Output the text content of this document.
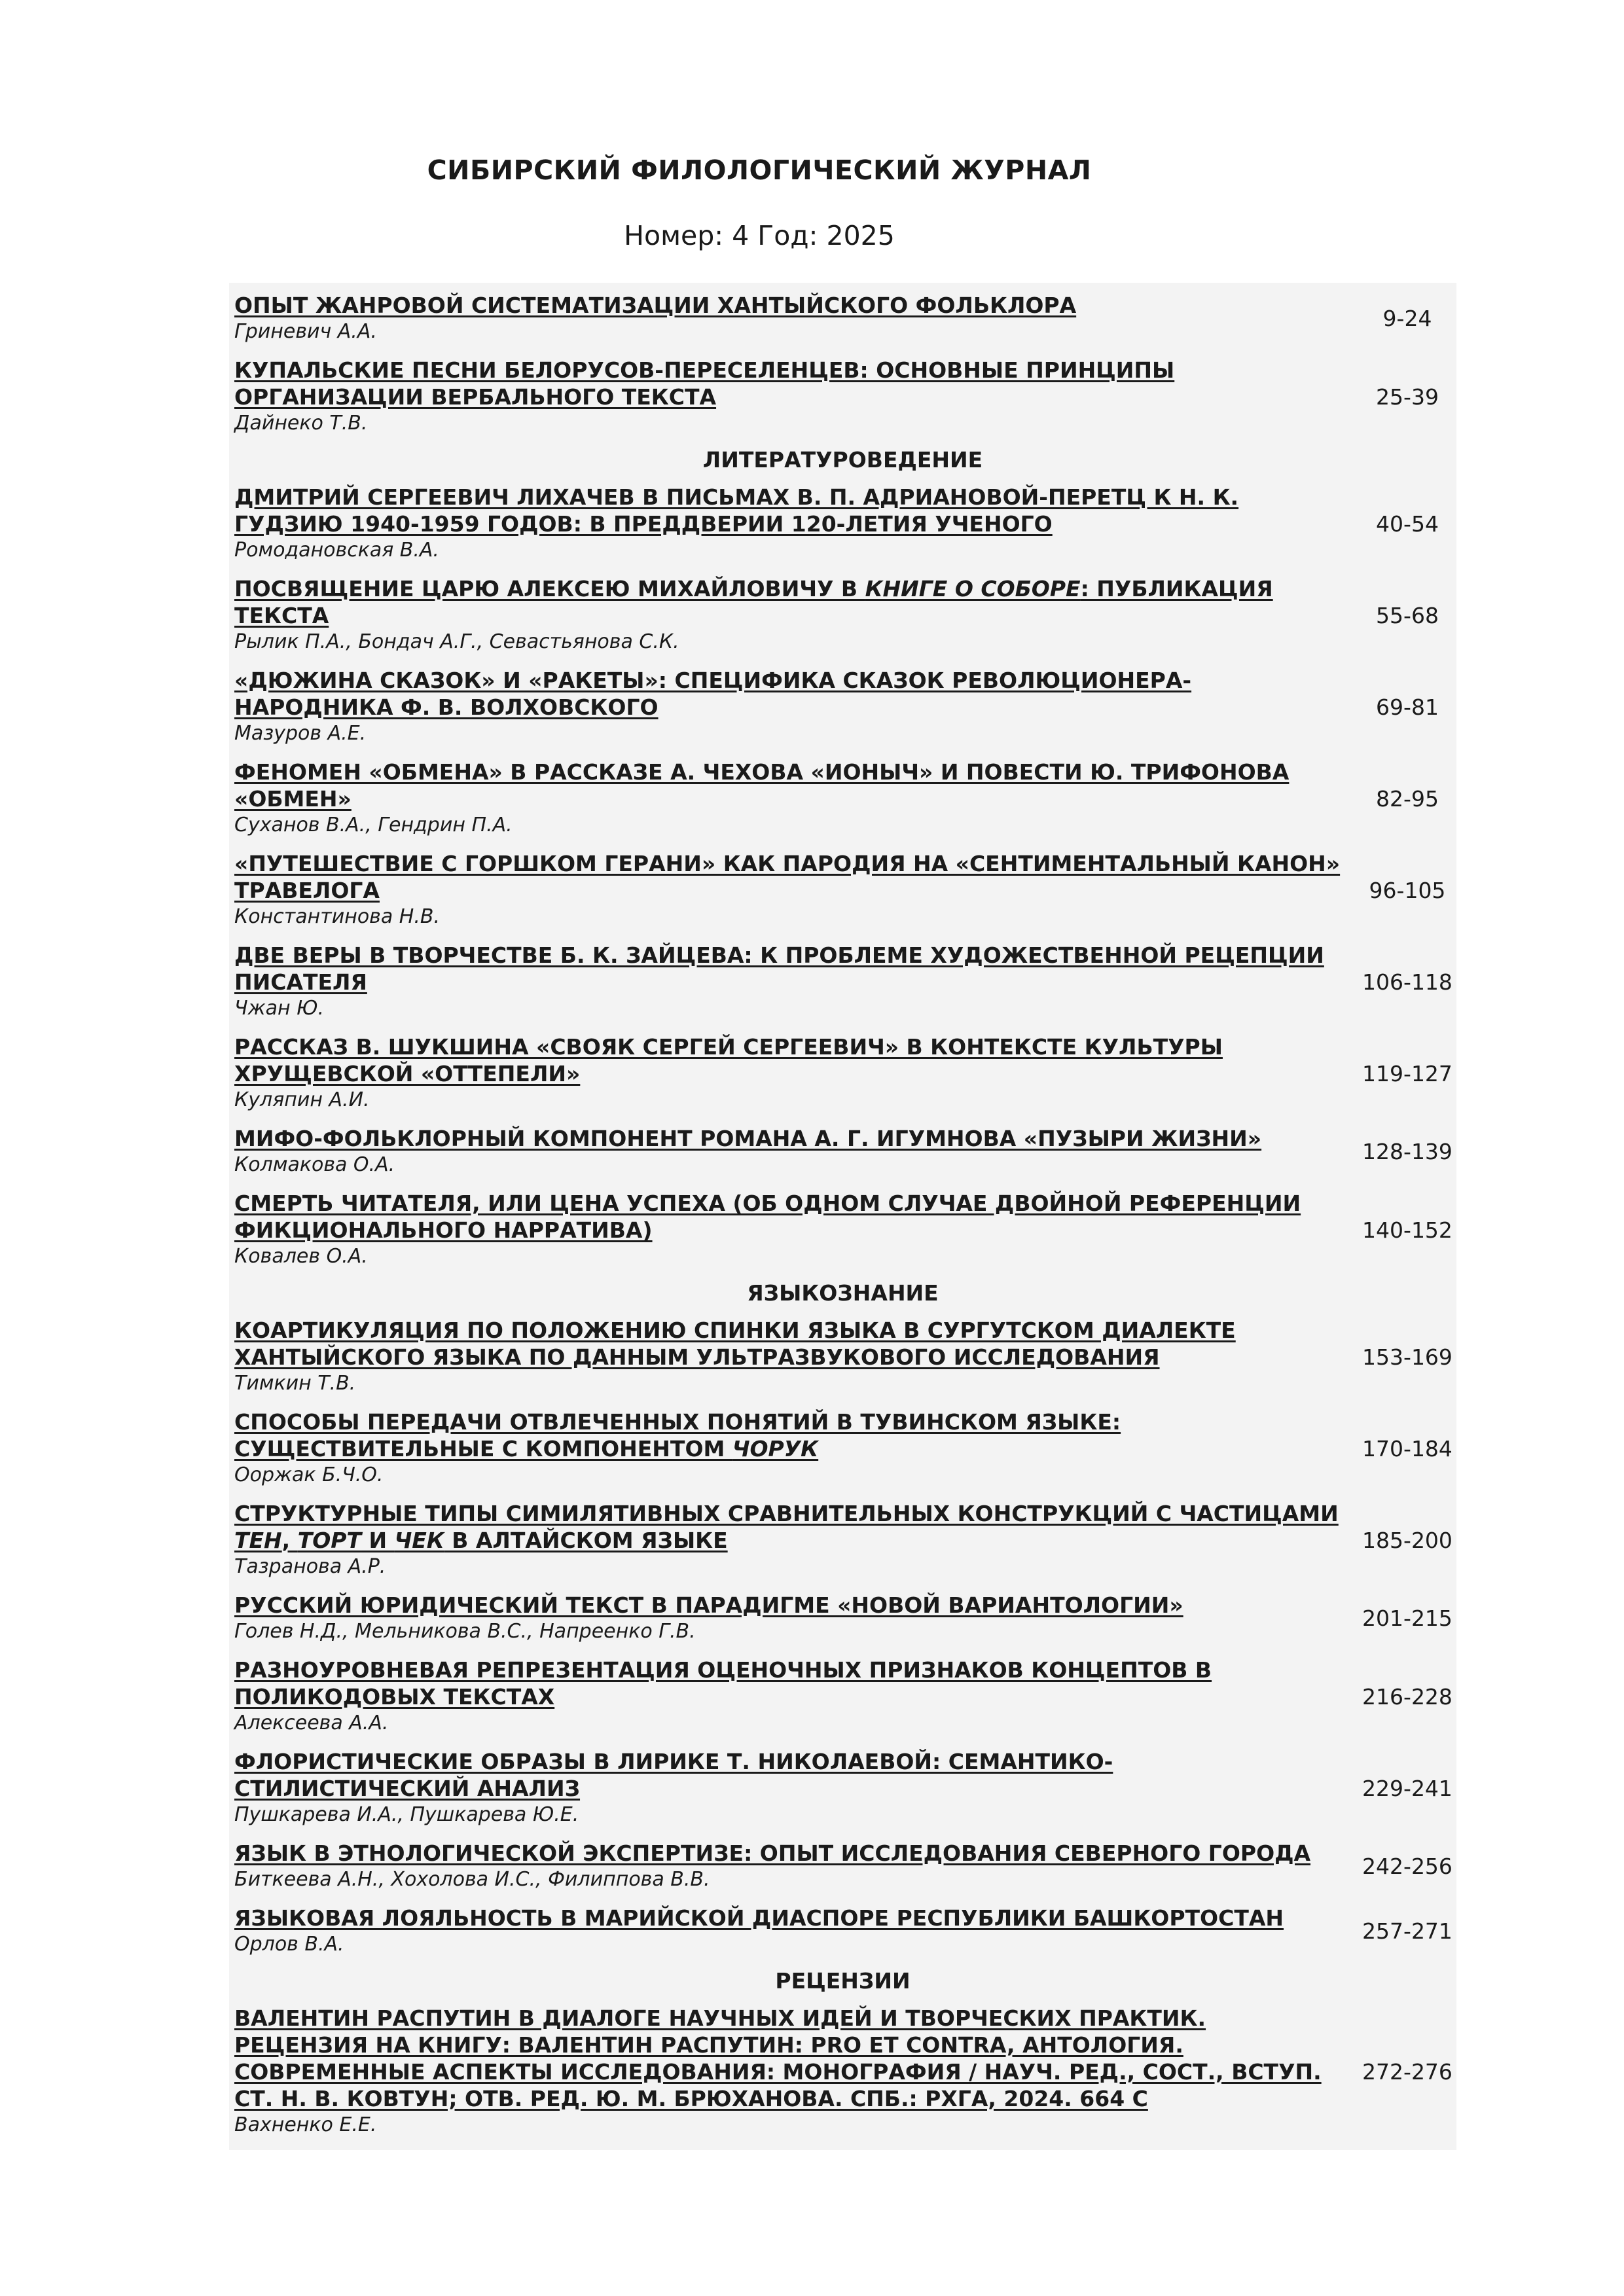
СИБИРСКИЙ ФИЛОЛОГИЧЕСКИЙ ЖУРНАЛ
Номер: 4 Год: 2025
ОПЫТ ЖАНРОВОЙ СИСТЕМАТИЗАЦИИ ХАНТЫЙСКОГО ФОЛЬКЛОРА
Гриневич А.А.
9-24
КУПАЛЬСКИЕ ПЕСНИ БЕЛОРУСОВ-ПЕРЕСЕЛЕНЦЕВ: ОСНОВНЫЕ ПРИНЦИПЫ ОРГАНИЗАЦИИ ВЕРБАЛЬНОГО ТЕКСТА
Дайнеко Т.В.
25-39
ЛИТЕРАТУРОВЕДЕНИЕ
ДМИТРИЙ СЕРГЕЕВИЧ ЛИХАЧЕВ В ПИСЬМАХ В. П. АДРИАНОВОЙ-ПЕРЕТЦ К Н. К. ГУДЗИЮ 1940-1959 ГОДОВ: В ПРЕДДВЕРИИ 120-ЛЕТИЯ УЧЕНОГО
Ромодановская В.А.
40-54
ПОСВЯЩЕНИЕ ЦАРЮ АЛЕКСЕЮ МИХАЙЛОВИЧУ В КНИГЕ О СОБОРЕ: ПУБЛИКАЦИЯ ТЕКСТА
Рылик П.А., Бондач А.Г., Севастьянова С.К.
55-68
«ДЮЖИНА СКАЗОК» И «РАКЕТЫ»: СПЕЦИФИКА СКАЗОК РЕВОЛЮЦИОНЕРА-НАРОДНИКА Ф. В. ВОЛХОВСКОГО
Мазуров А.Е.
69-81
ФЕНОМЕН «ОБМЕНА» В РАССКАЗЕ А. ЧЕХОВА «ИОНЫЧ» И ПОВЕСТИ Ю. ТРИФОНОВА «ОБМЕН»
Суханов В.А., Гендрин П.А.
82-95
«ПУТЕШЕСТВИЕ С ГОРШКОМ ГЕРАНИ» КАК ПАРОДИЯ НА «СЕНТИМЕНТАЛЬНЫЙ КАНОН» ТРАВЕЛОГА
Константинова Н.В.
96-105
ДВЕ ВЕРЫ В ТВОРЧЕСТВЕ Б. К. ЗАЙЦЕВА: К ПРОБЛЕМЕ ХУДОЖЕСТВЕННОЙ РЕЦЕПЦИИ ПИСАТЕЛЯ
Чжан Ю.
106-118
РАССКАЗ В. ШУКШИНА «СВОЯК СЕРГЕЙ СЕРГЕЕВИЧ» В КОНТЕКСТЕ КУЛЬТУРЫ ХРУЩЕВСКОЙ «ОТТЕПЕЛИ»
Куляпин А.И.
119-127
МИФО-ФОЛЬКЛОРНЫЙ КОМПОНЕНТ РОМАНА А. Г. ИГУМНОВА «ПУЗЫРИ ЖИЗНИ»
Колмакова О.А.
128-139
СМЕРТЬ ЧИТАТЕЛЯ, ИЛИ ЦЕНА УСПЕХА (ОБ ОДНОМ СЛУЧАЕ ДВОЙНОЙ РЕФЕРЕНЦИИ ФИКЦИОНАЛЬНОГО НАРРАТИВА)
Ковалев О.А.
140-152
ЯЗЫКОЗНАНИЕ
КОАРТИКУЛЯЦИЯ ПО ПОЛОЖЕНИЮ СПИНКИ ЯЗЫКА В СУРГУТСКОМ ДИАЛЕКТЕ ХАНТЫЙСКОГО ЯЗЫКА ПО ДАННЫМ УЛЬТРАЗВУКОВОГО ИССЛЕДОВАНИЯ
Тимкин Т.В.
153-169
СПОСОБЫ ПЕРЕДАЧИ ОТВЛЕЧЕННЫХ ПОНЯТИЙ В ТУВИНСКОМ ЯЗЫКЕ: СУЩЕСТВИТЕЛЬНЫЕ С КОМПОНЕНТОМ ЧОРУК
Ооржак Б.Ч.О.
170-184
СТРУКТУРНЫЕ ТИПЫ СИМИЛЯТИВНЫХ СРАВНИТЕЛЬНЫХ КОНСТРУКЦИЙ С ЧАСТИЦАМИ ТЕН, ТОРТ И ЧЕК В АЛТАЙСКОМ ЯЗЫКЕ
Тазранова А.Р.
185-200
РУССКИЙ ЮРИДИЧЕСКИЙ ТЕКСТ В ПАРАДИГМЕ «НОВОЙ ВАРИАНТОЛОГИИ»
Голев Н.Д., Мельникова В.С., Напреенко Г.В.
201-215
РАЗНОУРОВНЕВАЯ РЕПРЕЗЕНТАЦИЯ ОЦЕНОЧНЫХ ПРИЗНАКОВ КОНЦЕПТОВ В ПОЛИКОДОВЫХ ТЕКСТАХ
Алексеева А.А.
216-228
ФЛОРИСТИЧЕСКИЕ ОБРАЗЫ В ЛИРИКЕ Т. НИКОЛАЕВОЙ: СЕМАНТИКО-СТИЛИСТИЧЕСКИЙ АНАЛИЗ
Пушкарева И.А., Пушкарева Ю.Е.
229-241
ЯЗЫК В ЭТНОЛОГИЧЕСКОЙ ЭКСПЕРТИЗЕ: ОПЫТ ИССЛЕДОВАНИЯ СЕВЕРНОГО ГОРОДА
Биткеева А.Н., Хохолова И.С., Филиппова В.В.
242-256
ЯЗЫКОВАЯ ЛОЯЛЬНОСТЬ В МАРИЙСКОЙ ДИАСПОРЕ РЕСПУБЛИКИ БАШКОРТОСТАН
Орлов В.А.
257-271
РЕЦЕНЗИИ
ВАЛЕНТИН РАСПУТИН В ДИАЛОГЕ НАУЧНЫХ ИДЕЙ И ТВОРЧЕСКИХ ПРАКТИК. РЕЦЕНЗИЯ НА КНИГУ: ВАЛЕНТИН РАСПУТИН: PRO ET CONTRA, АНТОЛОГИЯ. СОВРЕМЕННЫЕ АСПЕКТЫ ИССЛЕДОВАНИЯ: МОНОГРАФИЯ / НАУЧ. РЕД., СОСТ., ВСТУП. СТ. Н. В. КОВТУН; ОТВ. РЕД. Ю. М. БРЮХАНОВА. СПБ.: РХГА, 2024. 664 С
Вахненко Е.Е.
272-276
